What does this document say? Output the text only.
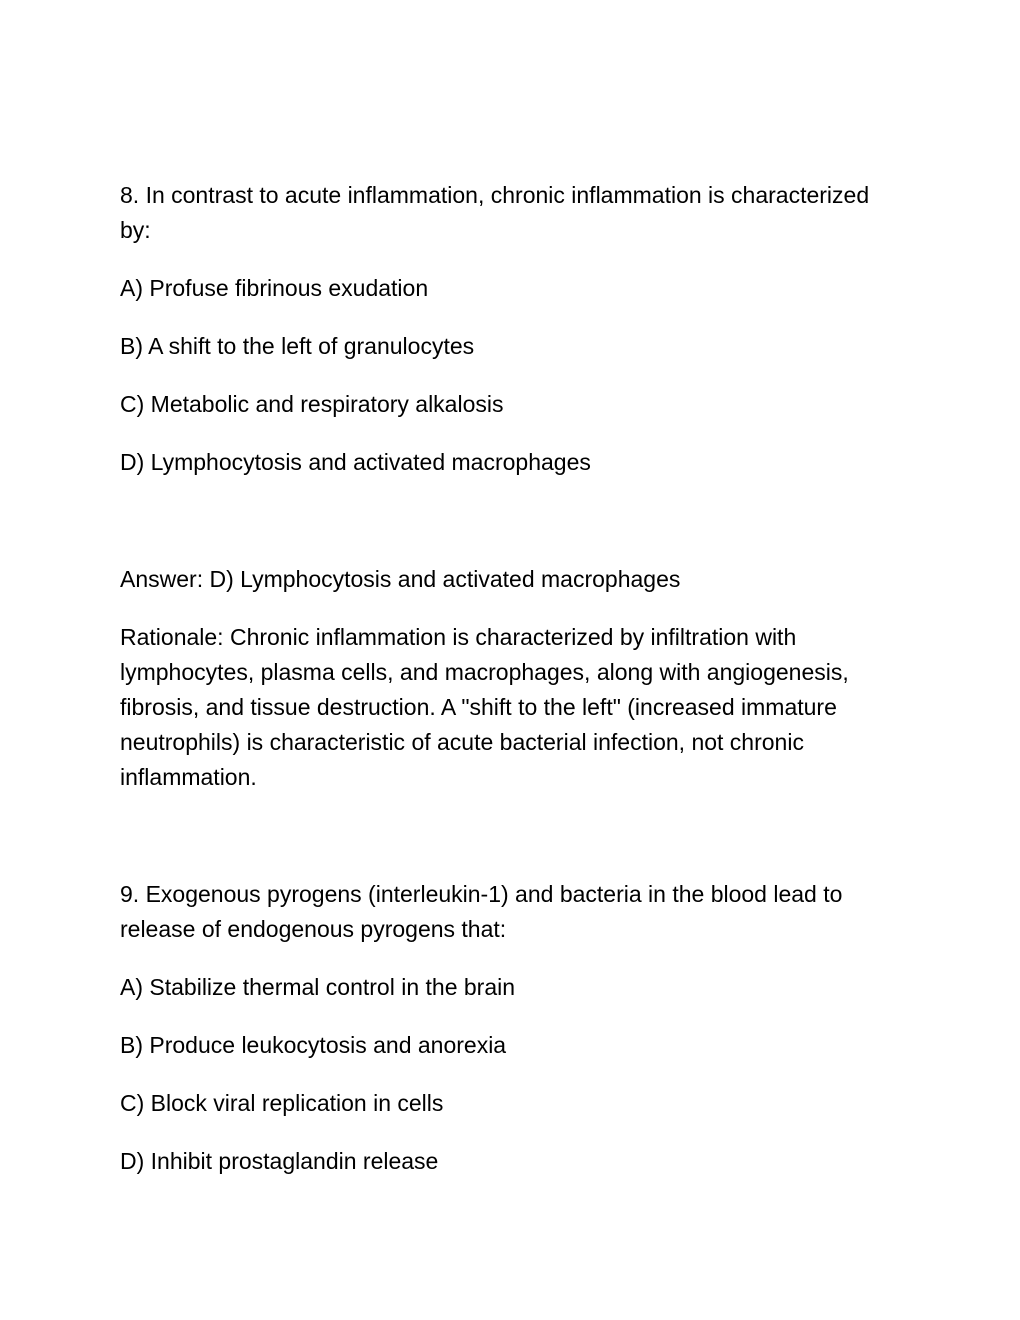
8. In contrast to acute inflammation, chronic inflammation is characterized by:

A) Profuse fibrinous exudation

B) A shift to the left of granulocytes

C) Metabolic and respiratory alkalosis

D) Lymphocytosis and activated macrophages

Answer: D) Lymphocytosis and activated macrophages

Rationale: Chronic inflammation is characterized by infiltration with lymphocytes, plasma cells, and macrophages, along with angiogenesis, fibrosis, and tissue destruction. A "shift to the left" (increased immature neutrophils) is characteristic of acute bacterial infection, not chronic inflammation.

9. Exogenous pyrogens (interleukin-1) and bacteria in the blood lead to release of endogenous pyrogens that:

A) Stabilize thermal control in the brain

B) Produce leukocytosis and anorexia

C) Block viral replication in cells

D) Inhibit prostaglandin release
